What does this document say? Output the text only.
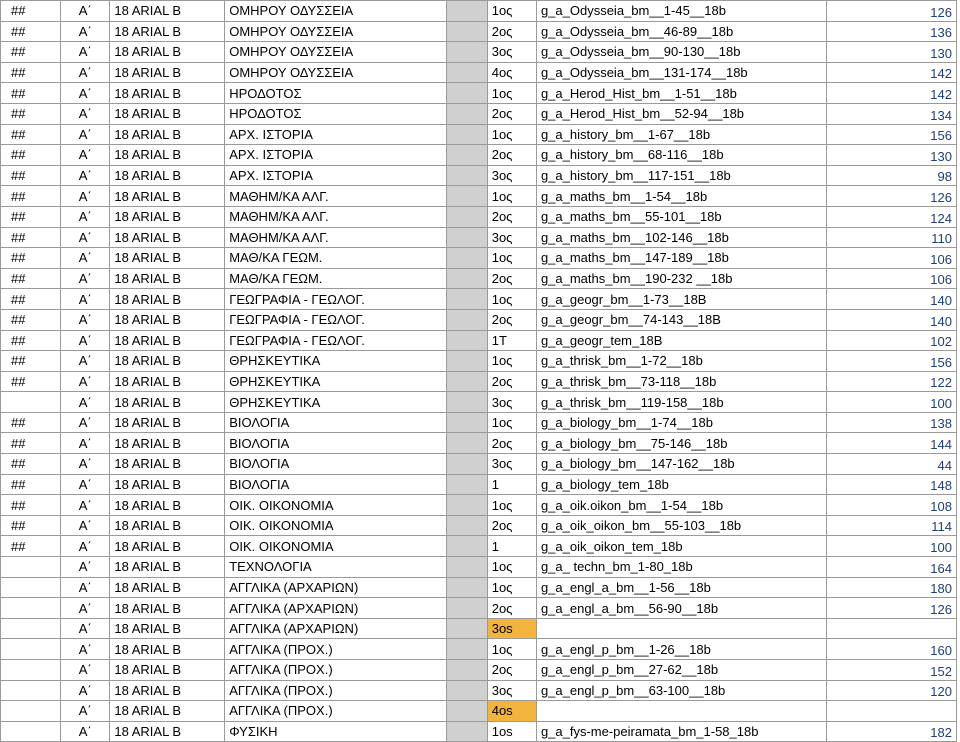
##	Α΄	18 ARIAL B	ΟΜΗΡΟΥ ΟΔΥΣΣΕΙΑ		1ος	g_a_Odysseia_bm__1-45__18b	126
##	Α΄	18 ARIAL B	ΟΜΗΡΟΥ ΟΔΥΣΣΕΙΑ		2ος	g_a_Odysseia_bm__46-89__18b	136
##	Α΄	18 ARIAL B	ΟΜΗΡΟΥ ΟΔΥΣΣΕΙΑ		3ος	g_a_Odysseia_bm__90-130__18b	130
##	Α΄	18 ARIAL B	ΟΜΗΡΟΥ ΟΔΥΣΣΕΙΑ		4ος	g_a_Odysseia_bm__131-174__18b	142
##	Α΄	18 ARIAL B	ΗΡΟΔΟΤΟΣ		1ος	g_a_Herod_Hist_bm__1-51__18b	142
##	Α΄	18 ARIAL B	ΗΡΟΔΟΤΟΣ		2ος	g_a_Herod_Hist_bm__52-94__18b	134
##	Α΄	18 ARIAL B	ΑΡΧ. ΙΣΤΟΡΙΑ		1ος	g_a_history_bm__1-67__18b	156
##	Α΄	18 ARIAL B	ΑΡΧ. ΙΣΤΟΡΙΑ		2ος	g_a_history_bm__68-116__18b	130
##	Α΄	18 ARIAL B	ΑΡΧ. ΙΣΤΟΡΙΑ		3ος	g_a_history_bm__117-151__18b	98
##	Α΄	18 ARIAL B	ΜΑΘΗΜ/ΚΑ ΑΛΓ.		1ος	g_a_maths_bm__1-54__18b	126
##	Α΄	18 ARIAL B	ΜΑΘΗΜ/ΚΑ ΑΛΓ.		2ος	g_a_maths_bm__55-101__18b	124
##	Α΄	18 ARIAL B	ΜΑΘΗΜ/ΚΑ ΑΛΓ.		3ος	g_a_maths_bm__102-146__18b	110
##	Α΄	18 ARIAL B	ΜΑΘ/ΚΑ ΓΕΩΜ.		1ος	g_a_maths_bm__147-189__18b	106
##	Α΄	18 ARIAL B	ΜΑΘ/ΚΑ ΓΕΩΜ.		2ος	g_a_maths_bm__190-232 __18b	106
##	Α΄	18 ARIAL B	ΓΕΩΓΡΑΦΙΑ - ΓΕΩΛΟΓ.		1ος	g_a_geogr_bm__1-73__18B	140
##	Α΄	18 ARIAL B	ΓΕΩΓΡΑΦΙΑ - ΓΕΩΛΟΓ.		2ος	g_a_geogr_bm__74-143__18B	140
##	Α΄	18 ARIAL B	ΓΕΩΓΡΑΦΙΑ - ΓΕΩΛΟΓ.		1Τ	g_a_geogr_tem_18B	102
##	Α΄	18 ARIAL B	ΘΡΗΣΚΕΥΤΙΚΑ		1ος	g_a_thrisk_bm__1-72__18b	156
##	Α΄	18 ARIAL B	ΘΡΗΣΚΕΥΤΙΚΑ		2ος	g_a_thrisk_bm__73-118__18b	122
	Α΄	18 ARIAL B	ΘΡΗΣΚΕΥΤΙΚΑ		3ος	g_a_thrisk_bm__119-158__18b	100
##	Α΄	18 ARIAL B	ΒΙΟΛΟΓΙΑ		1ος	g_a_biology_bm__1-74__18b	138
##	Α΄	18 ARIAL B	ΒΙΟΛΟΓΙΑ		2ος	g_a_biology_bm__75-146__18b	144
##	Α΄	18 ARIAL B	ΒΙΟΛΟΓΙΑ		3ος	g_a_biology_bm__147-162__18b	44
##	Α΄	18 ARIAL B	ΒΙΟΛΟΓΙΑ		1	g_a_biology_tem_18b	148
##	Α΄	18 ARIAL B	ΟΙΚ. ΟΙΚΟΝΟΜΙΑ		1ος	g_a_oik.oikon_bm__1-54__18b	108
##	Α΄	18 ARIAL B	ΟΙΚ. ΟΙΚΟΝΟΜΙΑ		2ος	g_a_oik_oikon_bm__55-103__18b	114
##	Α΄	18 ARIAL B	ΟΙΚ. ΟΙΚΟΝΟΜΙΑ		1	g_a_oik_oikon_tem_18b	100
	Α΄	18 ARIAL B	ΤΕΧΝΟΛΟΓΙΑ		1ος	g_a_ techn_bm_1-80_18b	164
	Α΄	18 ARIAL B	ΑΓΓΛΙΚΑ (ΑΡΧΑΡΙΩΝ)		1ος	g_a_engl_a_bm__1-56__18b	180
	Α΄	18 ARIAL B	ΑΓΓΛΙΚΑ (ΑΡΧΑΡΙΩΝ)		2ος	g_a_engl_a_bm__56-90__18b	126
	Α΄	18 ARIAL B	ΑΓΓΛΙΚΑ (ΑΡΧΑΡΙΩΝ)		3os		
	Α΄	18 ARIAL B	ΑΓΓΛΙΚΑ (ΠΡΟΧ.)		1ος	g_a_engl_p_bm__1-26__18b	160
	Α΄	18 ARIAL B	ΑΓΓΛΙΚΑ (ΠΡΟΧ.)		2ος	g_a_engl_p_bm__27-62__18b	152
	Α΄	18 ARIAL B	ΑΓΓΛΙΚΑ (ΠΡΟΧ.)		3ος	g_a_engl_p_bm__63-100__18b	120
	Α΄	18 ARIAL B	ΑΓΓΛΙΚΑ (ΠΡΟΧ.)		4os		
	Α΄	18 ARIAL B	ΦΥΣΙΚΗ		1os	g_a_fys-me-peiramata_bm_1-58_18b	182
